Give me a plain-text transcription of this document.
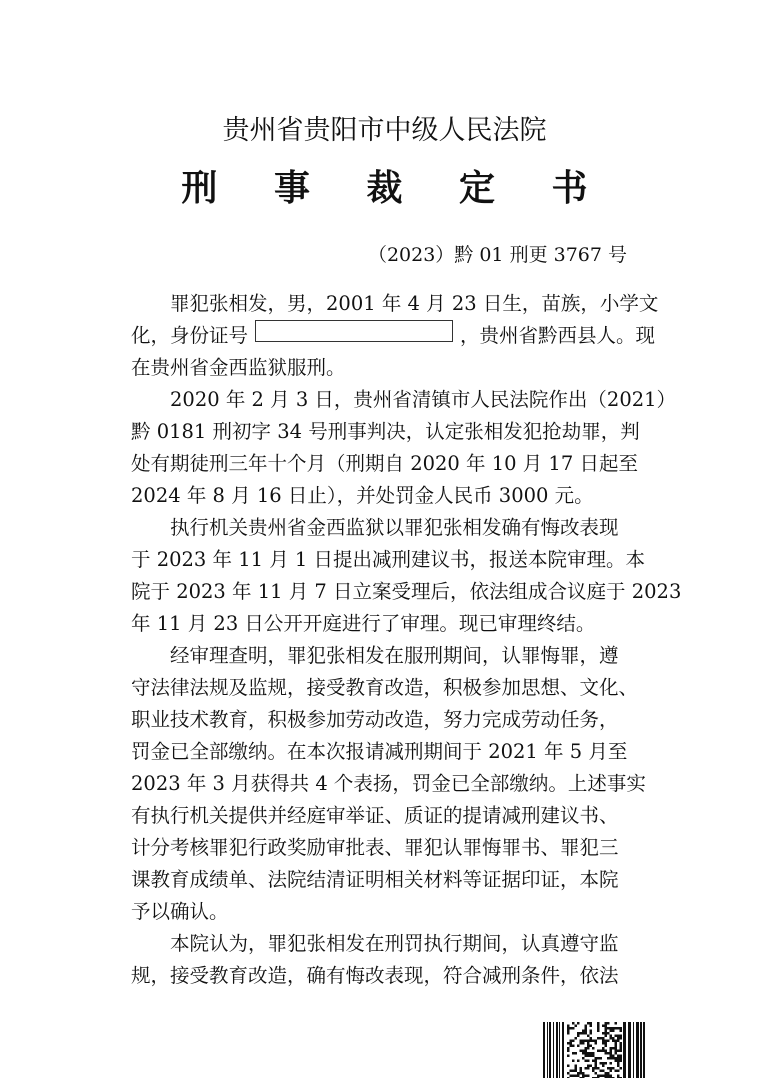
贵州省贵阳市中级人民法院
刑 事 裁 定 书
（2023）黔 01 刑更 3767 号
罪犯张相发，男，2001 年 4 月 23 日生，苗族，小学文
化，身份证号	，贵州省黔西县人。现
在贵州省金西监狱服刑。
2020 年 2 月 3 日，贵州省清镇市人民法院作出（2021）
黔 0181 刑初字 34 号刑事判决，认定张相发犯抢劫罪，判
处有期徒刑三年十个月（刑期自 2020 年 10 月 17 日起至
2024 年 8 月 16 日止），并处罚金人民币 3000 元。
执行机关贵州省金西监狱以罪犯张相发确有悔改表现
于 2023 年 11 月 1 日提出减刑建议书，报送本院审理。本
院于 2023 年 11 月 7 日立案受理后，依法组成合议庭于 2023
年 11 月 23 日公开开庭进行了审理。现已审理终结。
经审理查明，罪犯张相发在服刑期间，认罪悔罪，遵
守法律法规及监规，接受教育改造，积极参加思想、文化、
职业技术教育，积极参加劳动改造，努力完成劳动任务，
罚金已全部缴纳。在本次报请减刑期间于 2021 年 5 月至
2023 年 3 月获得共 4 个表扬，罚金已全部缴纳。上述事实
有执行机关提供并经庭审举证、质证的提请减刑建议书、
计分考核罪犯行政奖励审批表、罪犯认罪悔罪书、罪犯三
课教育成绩单、法院结清证明相关材料等证据印证，本院
予以确认。
本院认为，罪犯张相发在刑罚执行期间，认真遵守监
规，接受教育改造，确有悔改表现，符合减刑条件，依法
